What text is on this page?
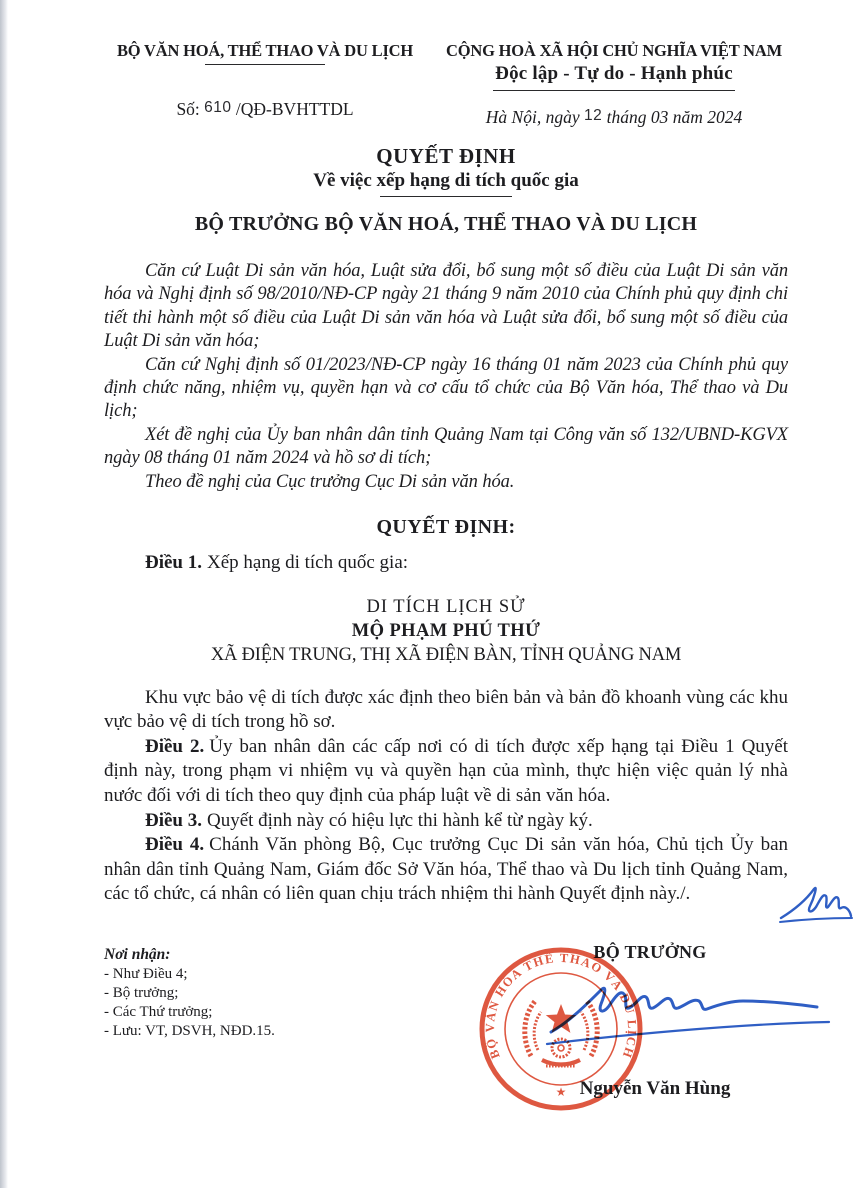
BỘ VĂN HOÁ, THỂ THAO VÀ DU LỊCH
Số: 610 /QĐ-BVHTTDL
CỘNG HOÀ XÃ HỘI CHỦ NGHĨA VIỆT NAM
Độc lập - Tự do - Hạnh phúc
Hà Nội, ngày 12 tháng 03 năm 2024
QUYẾT ĐỊNH
Về việc xếp hạng di tích quốc gia
BỘ TRƯỞNG BỘ VĂN HOÁ, THỂ THAO VÀ DU LỊCH

Căn cứ Luật Di sản văn hóa, Luật sửa đổi, bổ sung một số điều của Luật Di sản văn hóa và Nghị định số 98/2010/NĐ-CP ngày 21 tháng 9 năm 2010 của Chính phủ quy định chi tiết thi hành một số điều của Luật Di sản văn hóa và Luật sửa đổi, bổ sung một số điều của Luật Di sản văn hóa;

Căn cứ Nghị định số 01/2023/NĐ-CP ngày 16 tháng 01 năm 2023 của Chính phủ quy định chức năng, nhiệm vụ, quyền hạn và cơ cấu tổ chức của Bộ Văn hóa, Thể thao và Du lịch;

Xét đề nghị của Ủy ban nhân dân tỉnh Quảng Nam tại Công văn số 132/UBND-KGVX ngày 08 tháng 01 năm 2024 và hồ sơ di tích;

Theo đề nghị của Cục trưởng Cục Di sản văn hóa.

QUYẾT ĐỊNH:

Điều 1. Xếp hạng di tích quốc gia:

DI TÍCH LỊCH SỬ
MỘ PHẠM PHÚ THỨ
XÃ ĐIỆN TRUNG, THỊ XÃ ĐIỆN BÀN, TỈNH QUẢNG NAM

Khu vực bảo vệ di tích được xác định theo biên bản và bản đồ khoanh vùng các khu vực bảo vệ di tích trong hồ sơ.

Điều 2. Ủy ban nhân dân các cấp nơi có di tích được xếp hạng tại Điều 1 Quyết định này, trong phạm vi nhiệm vụ và quyền hạn của mình, thực hiện việc quản lý nhà nước đối với di tích theo quy định của pháp luật về di sản văn hóa.

Điều 3. Quyết định này có hiệu lực thi hành kể từ ngày ký.

Điều 4. Chánh Văn phòng Bộ, Cục trưởng Cục Di sản văn hóa, Chủ tịch Ủy ban nhân dân tỉnh Quảng Nam, Giám đốc Sở Văn hóa, Thể thao và Du lịch tỉnh Quảng Nam, các tổ chức, cá nhân có liên quan chịu trách nhiệm thi hành Quyết định này./.

Nơi nhận:
- Như Điều 4;
- Bộ trưởng;
- Các Thứ trưởng;
- Lưu: VT, DSVH, NĐD.15.
BỘ TRƯỞNG
BỘ VĂN HÓA THỂ THAO VÀ DU LỊCH
★ Nguyễn Văn Hùng
